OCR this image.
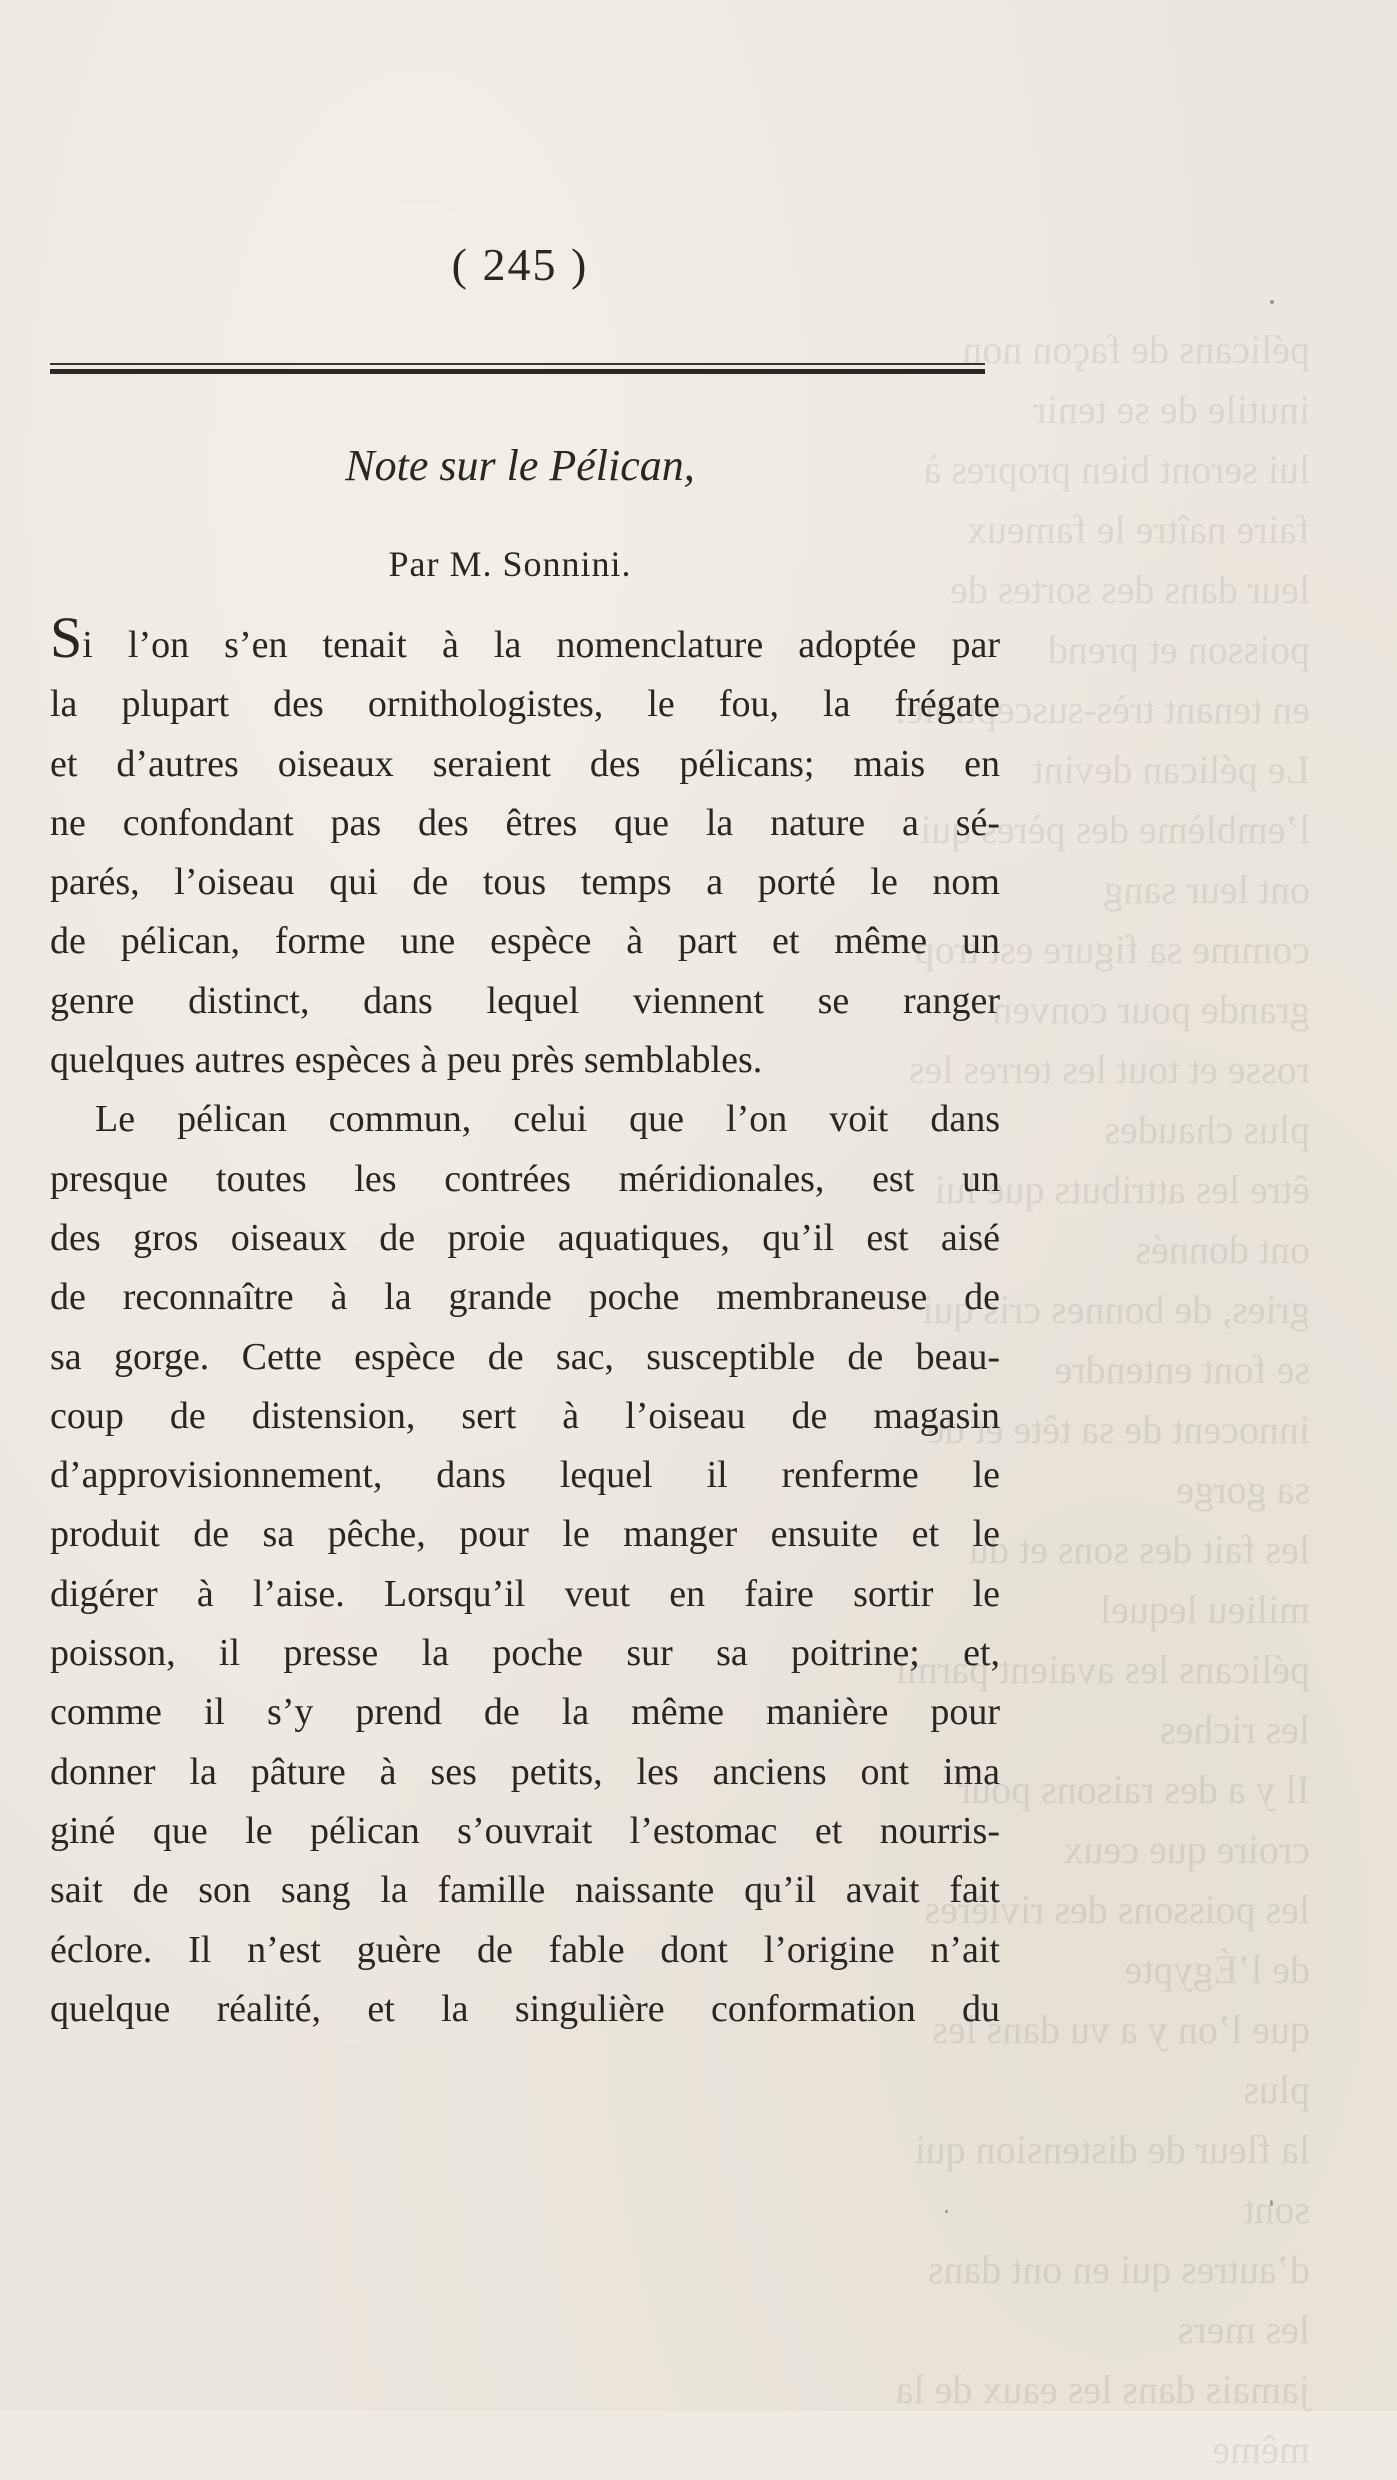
pélicans de façon non inutile de se tenir
lui seront bien propres à faire naître le fameux
leur dans des sortes de poisson et prend
en tenant très-susceptible. Le pélican devint
l’emblème des pères qui ont leur sang
comme sa figure est trop grande pour conven
rosse et tout les terres les plus chaudes
être les attributs que lui ont donnés
gries, de bonnes cris qui se font entendre
innocent de sa tête et de sa gorge
les fait des sons et du milieu lequel
pélicans les avaient parmi les riches
Il y a des raisons pour croire que ceux
les poissons des rivières de l’Égypte
que l’on y a vu dans les plus
la fleur de distension qui sont
d’autres qui en ont dans les mers
jamais dans les eaux de la même
( 245 )
Note sur le Pélican,
Par M. Sonnini.
Si l’on s’en tenait à la nomenclature adoptée par
la plupart des ornithologistes, le fou, la frégate
et d’autres oiseaux seraient des pélicans; mais en
ne confondant pas des êtres que la nature a sé-
parés, l’oiseau qui de tous temps a porté le nom
de pélican, forme une espèce à part et même un
genre distinct, dans lequel viennent se ranger
quelques autres espèces à peu près semblables.
Le pélican commun, celui que l’on voit dans
presque toutes les contrées méridionales, est un
des gros oiseaux de proie aquatiques, qu’il est aisé
de reconnaître à la grande poche membraneuse de
sa gorge. Cette espèce de sac, susceptible de beau-
coup de distension, sert à l’oiseau de magasin
d’approvisionnement, dans lequel il renferme le
produit de sa pêche, pour le manger ensuite et le
digérer à l’aise. Lorsqu’il veut en faire sortir le
poisson, il presse la poche sur sa poitrine; et,
comme il s’y prend de la même manière pour
donner la pâture à ses petits, les anciens ont ima
giné que le pélican s’ouvrait l’estomac et nourris-
sait de son sang la famille naissante qu’il avait fait
éclore. Il n’est guère de fable dont l’origine n’ait
quelque réalité, et la singulière conformation du
